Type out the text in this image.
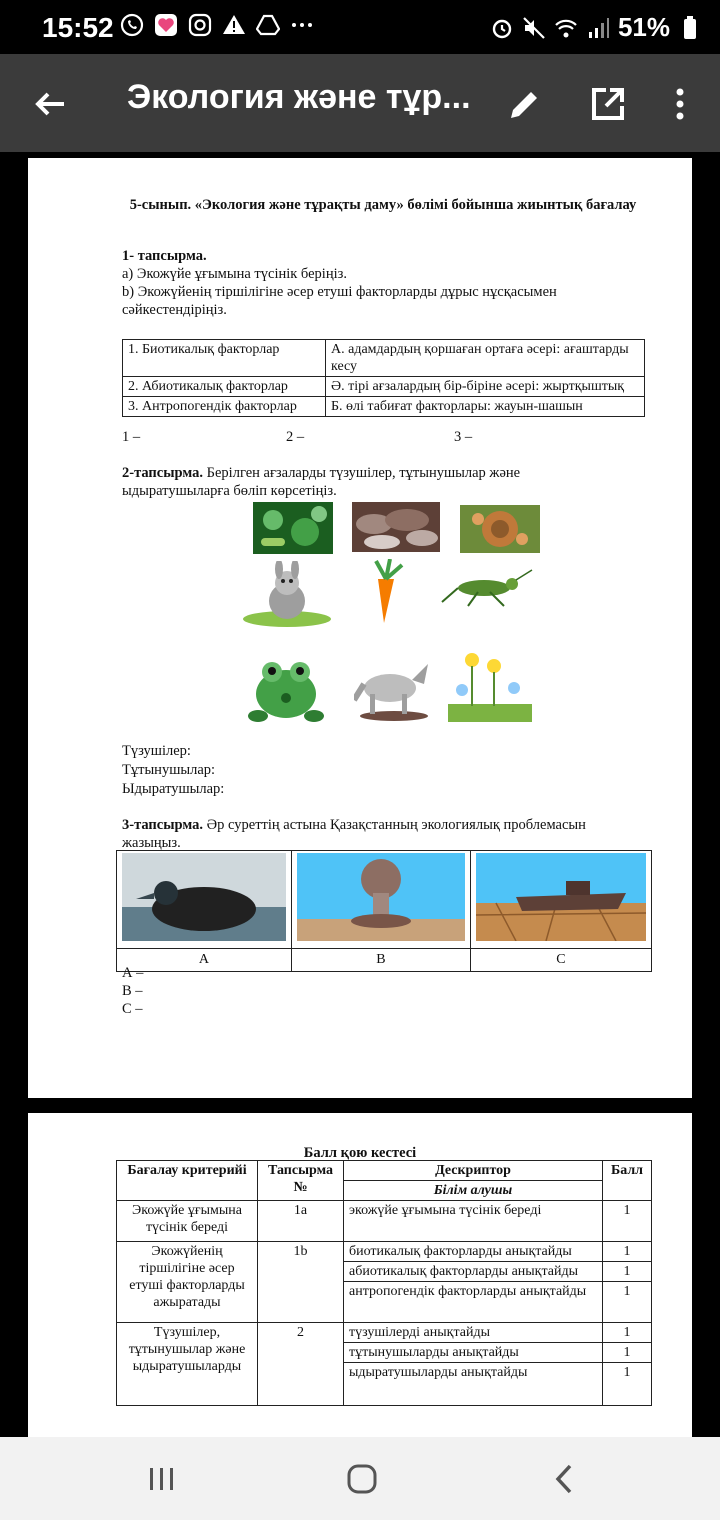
15:52	51%
Экология және тұр...
5-сынып. «Экология және тұрақты даму» бөлімі бойынша жиынтық бағалау
1- тапсырма.
а) Экожүйе ұғымына түсінік беріңіз.
b) Экожүйенің тіршілігіне әсер етуші факторларды дұрыс нұсқасымен
сәйкестендіріңіз.
1. Биотикалық факторлар	А. адамдардың қоршаған ортаға әсері: ағаштарды кесу
2. Абиотикалық факторлар	Ә. тірі ағзалардың бір-біріне әсері: жыртқыштық
3. Антропогендік факторлар	Б. өлі табиғат факторлары: жауын-шашын
1 –	2 –	3 –
2-тапсырма. Берілген ағзаларды түзушілер, тұтынушылар және
ыдыратушыларға бөліп көрсетіңіз.
Түзушілер:
Тұтынушылар:
Ыдыратушылар:
3-тапсырма. Әр суреттің астына Қазақстанның экологиялық проблемасын
жазыңыз.

А	В	С
А –
В –
С –
Балл қою кестесі
Бағалау критерийі	Тапсырма №	Дескриптор	Балл
		Білім алушы	
Экожүйе ұғымына түсінік береді	1a	экожүйе ұғымына түсінік береді	1
Экожүйенің тіршілігіне әсер етуші факторларды ажыратады	1b	биотикалық факторларды анықтайды	1
		абиотикалық факторларды анықтайды	1
		антропогендік факторларды анықтайды	1
Түзушілер, тұтынушылар және ыдыратушыларды	2	түзушілерді анықтайды	1
		тұтынушыларды анықтайды	1
		ыдыратушыларды анықтайды	1
